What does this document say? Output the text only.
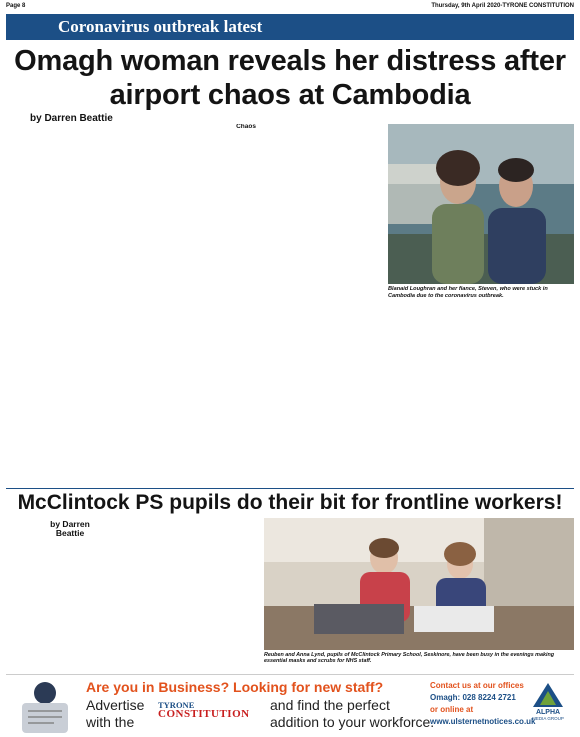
Page 8	Thursday, 9th April 2020-TYRONE CONSTITUTION
Coronavirus outbreak latest
Omagh woman reveals her distress after airport chaos at Cambodia
by Darren Beattie

Chaos

Blanaid Loughran and her fiance, Steven, who were stuck in Cambodia due to the coronavirus outbreak.

McClintock PS pupils do their bit for frontline workers!
by Darren Beattie

Reuben and Anna Lynd, pupils of McClintock Primary School, Seskinore, have been busy in the evenings making essential masks and scrubs for NHS staff.
Are you in Business? Looking for new staff?
Advertise
with the
TYRONE
CONSTITUTION
and find the perfect
addition to your workforce.
Contact us at our offices
Omagh: 028 8224 2721
or online at
www.ulsternetnotices.co.uk
ALPHA
MEDIA GROUP
